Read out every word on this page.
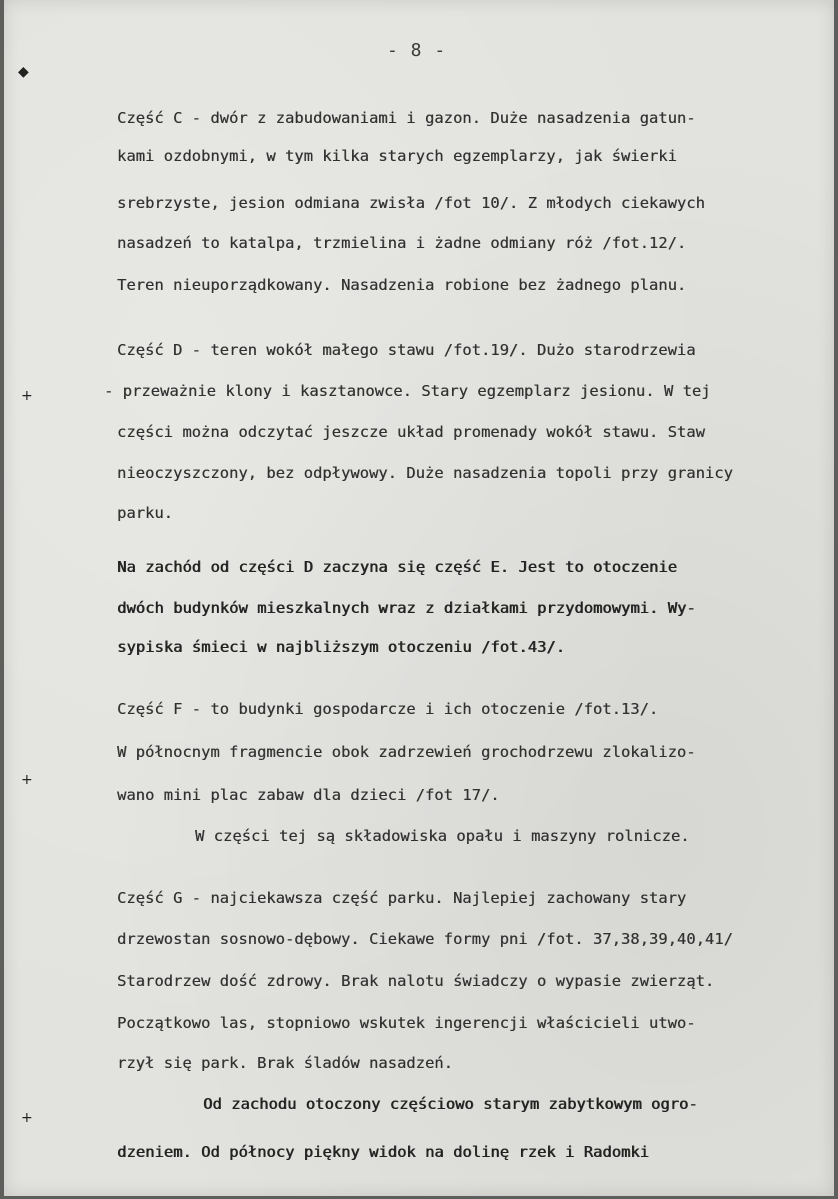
- 8 -
Część C - dwór z zabudowaniami i gazon. Duże nasadzenia gatun-
kami ozdobnymi, w tym kilka starych egzemplarzy, jak świerki
srebrzyste, jesion odmiana zwisła /fot 10/. Z młodych ciekawych
nasadzeń to katalpa, trzmielina i żadne odmiany róż /fot.12/.
Teren nieuporządkowany. Nasadzenia robione bez żadnego planu.
Część D - teren wokół małego stawu /fot.19/. Dużo starodrzewia
- przeważnie klony i kasztanowce. Stary egzemplarz jesionu. W tej
części można odczytać jeszcze układ promenady wokół stawu. Staw
nieoczyszczony, bez odpływowy. Duże nasadzenia topoli przy granicy
parku.
Na zachód od części D zaczyna się część E. Jest to otoczenie
dwóch budynków mieszkalnych wraz z działkami przydomowymi. Wy-
sypiska śmieci w najbliższym otoczeniu /fot.43/.
Część F - to budynki gospodarcze i ich otoczenie /fot.13/.
W północnym fragmencie obok zadrzewień grochodrzewu zlokalizo-
wano mini plac zabaw dla dzieci /fot 17/.
W części tej są składowiska opału i maszyny rolnicze.
Część G - najciekawsza część parku. Najlepiej zachowany stary
drzewostan sosnowo-dębowy. Ciekawe formy pni /fot. 37,38,39,40,41/
Starodrzew dość zdrowy. Brak nalotu świadczy o wypasie zwierząt.
Początkowo las, stopniowo wskutek ingerencji właścicieli utwo-
rzył się park. Brak śladów nasadzeń.
Od zachodu otoczony częściowo starym zabytkowym ogro-
dzeniem. Od północy piękny widok na dolinę rzek i Radomki
◆
+
+
+
